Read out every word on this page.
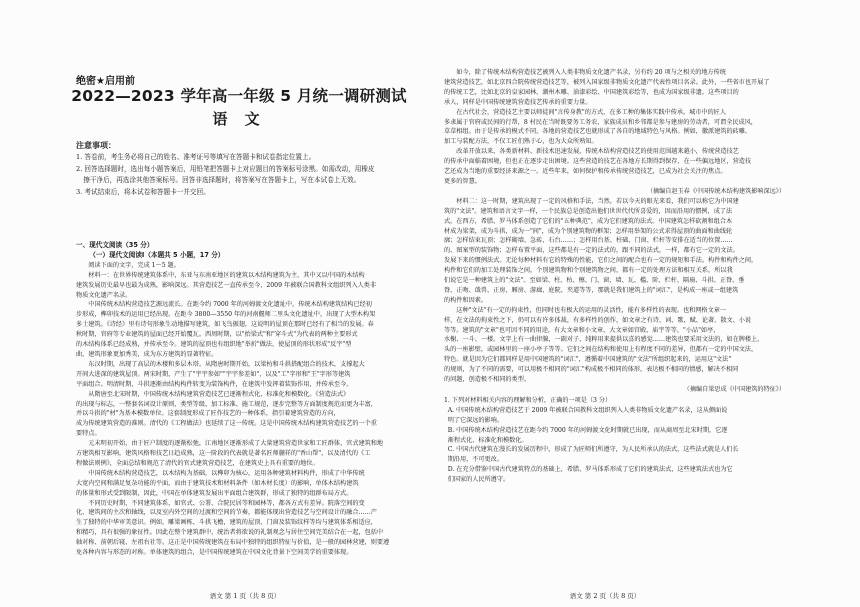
绝密★启用前
2022—2023 学年高一年级 5 月统一调研测试
语 文
注意事项：
1. 答卷前，考生务必将自己的姓名、准考证号等填写在答题卡和试卷指定位置上。
2. 回答选择题时，选出每小题答案后，用铅笔把答题卡上对应题目的答案标号涂黑。如需改动，用橡皮
擦干净后，再选涂其他答案标号。回答非选择题时，将答案写在答题卡上，写在本试卷上无效。
3. 考试结束后，将本试卷和答题卡一并交回。
一、现代文阅读（35 分）
（一）现代文阅读Ⅰ（本题共 5 小题，17 分）
阅读下面的文字，完成 1～5 题。
材料一：在世界传统建筑体系中，东亚与东南亚地区的建筑以木结构建筑为主，其中又以中国的木结构
建筑发展历史最早也最为成熟，影响深远。其营造技艺一直传承至今，2009 年被联合国教科文组织列入人类非
物质文化遗产名录。
中国传统木结构营造技艺源远流长。在距今约 7000 年的河姆渡文化遗址中，传统木结构建筑结构已经初
步形成，榫卯技术的运用已经出现。在距今 3800—3550 年的河南偃师二里头文化遗址中，出现了大型木构架
多土建筑。《诗经》里有诗句形象生动地描写建筑，如飞鸟振翅，这说明的屋顶在那时已经有了相当的发展。春
秋时期，官府等专业建筑的屋面已经开始覆瓦。西周时期，以"抬梁式"和"穿斗式"为代表的两种主要形式
的木结构体系已经成熟，并传承至今。建筑的屋顶也有组织地"举折"做法，使屋顶的形状形成"反宇"型
曲，建筑形象更加秀美，成为东方建筑的显著特征。
东汉时期，出现了高层的木楼和多层木塔。从隋唐时期开始，以梁枋和斗拱搭配组合的技术，支撑起大
开间大进深的建筑屋顶。两宋时期，产生了"宇宇参如""宇宇参差如"，以及"工"字形和"王"字形等建筑
平面组合。明清时期，斗拱逐渐由结构构件转变为装饰构件，在建筑中发挥着装饰作用，并传承至今。
从隋唐至北宋时期，中国传统木结构建筑营造技艺已逐渐程式化、标准化和模数化。《营造法式》
的出现与标志，一整套名词设计原则、类型等级、加工标准、施工规范，逐步完整等方面制度规范而更为丰富，
并以斗拱的"材"为基本模数单位。这套制度形成了匠作技艺的一种体系，指引着建筑营造的方向，
成为传统建筑营造的准则。清代的《工程做法》也延续了这一传统。这是中国传统木结构建筑营造技艺的一个重
要特点。
元末明初开始，由于匠户制度的逐渐松弛，江南地区逐渐形成了大量建筑营造世家和工匠群体，官式建筑和地
方建筑相互影响，建筑风格和技艺日趋成熟，这一阶段的代表就是著名匠师蒯祥的"香山帮"，以及清代的《工
程做法则例》，全面总结和规范了清代的官式建筑营造技艺，在建筑史上具有重要的地位。
中国传统木结构营造技艺，以木结构为基础，以榫卯为核心，运用各种建筑材料构件，形成了中华传统
大宽内空间和满足复杂功能的平面，而由于建筑技术和材料条件（如木材长度）的影响，单体木结构建筑
的体量和形式受到限制，因此，中国在单体建筑发展出平面组合建筑群，形成了独特的组群布局方式。
不同历史时期，不同建筑体系，如官式、公署、合院民居等和园林等，都各方式有差异。院落空间的变
化、建筑间的主次和轴线，以及室内外空间的过渡和空间的节奏，都能体现出营造技艺与空间设计的融合……产
生了独特的中华审美意识。例如，雕梁画栋、斗拱飞檐，建筑的屋顶、门窗及装饰纹样等均与建筑体系相适应，
和精巧，具有很强的象征性。因此在整个建筑群中，统治者将欲说的礼制观念与居住空间完美结合在一起，包括中
轴对称、前朝后寝、左祖右社等。这正是中国传统建筑在布局中独特的组织特征与价值，是一般的园林营建，则要遵
免各种内容与形态的对称。单体建筑的组合，是中国传统建筑在中国文化背景下空间美学的重要体现。
语文 第 1 页（共 8 页）
如今，除了传统木结构营造技艺被列入人类非物质文化遗产名录，另有约 20 项与之相关的地方传统
建筑营造技艺，如北京四合院传统营造技艺等，被列入国家级非物质文化遗产代表性项目名录。此外，一些省市也开展了
的传统工艺，比如北京的皇家园林、潮州木雕、油漆彩绘、中国建筑彩绘等，也成为国家级非遗。这些项目的
承人，同样是中国传统建筑营造技艺传承的重要力量。
在古代社会，营造技艺主要以师徒间"言传身教"的方式，在多工种的集体实践中传承。城市中的匠人
多隶属于官府或民间的行帮，8 村民在当时既要务工务农，家族成员和乡邻都是参与建房的劳动者，可谓全民成风，
草草相组。由于是传承的模式不同，各地的营造技艺也就形成了各自的地域特色与风格。例如，徽派建筑的砖雕、
加工与装配方法，不仅工匠们熟于心，也为大众所熟知。
改革开放以来，各类新材料、新技术迅速发展，传统木结构营造技艺的使用范围越来越小，传统营造技艺
的传承中面临着困境，但也正在逐步走出困境。这些营造的技艺在各地方长期得到保存，在一些偏远地区，营造技
艺还成为当地的重要经济来源之一。近些年来，如何保护和传承传统营造技艺，已成为社会关注的焦点。
更多的智慧。
（摘编自赵玉春《中国传统木结构建筑影响深远》）
材料二：这一时期，建筑出现了一定的风格和手法，当然，若以今天的眼光来看，我们可以称它为中国建
筑的"文法"。建筑和语言文字一样，一个民族总是创造出他们世世代代所喜爱的，因而沿用的惯例，成了法
式。在西方，希腊、罗马体系创造了它们的"五种典范"，成为它们建筑的法式。中国建筑怎样砍割和组合木
材成为梁架，成为斗拱，成为一"间"，成为个别建筑物的框架；怎样用举架的公式求得屋顶的曲面和曲线轮
廓；怎样结束瓦顶；怎样砌墙、急砖、石台……；怎样用台基、柱础、门窗、栏杆等安排在适当的位置……
的、图案型的装饰物；怎样布置平面，这些都是有一定的法式的，跟不同的法式，一样，都有它一定的文法。
发展下来的惯例法式。无论每种材料有它的特殊的性能，它们之间的配合也有一定的规矩和手法。构件和构件之间，
构件和它们的加工处理装饰之间，个别建筑物和个别建筑物之间，都有一定的处理方法和相互关系，所以我
们说它是一种建筑上的"文法"。至如梁、柱、枋、檩、门、窗、墙、瓦、槛、阶、栏杆、隔扇、斗拱、正脊、垂
脊、正吻、戗兽、正房、厢房、游廊、庭院、夹道等等，那就是我们建筑上的"词汇"，是构成一座或一组建筑
的构件和因素。
这种"文法"有一定的拘束性，但同时也有极大的运用的灵活性，能有多样性的表现。也和网格文章一
样，在文法的拘束性之下，仍可以有许多体裁，有多样性的创作，如文章之有诗、词、歌、赋、论著、散文、小说
等等。建筑的"文章"也可因不同的用途，有大文章和小文章，大文章如宫殿、庙宇等等，"小品"如亭、
水榭、一斗、一楼。文字上有一曲律腺，一副对子，纯粹用来提供以喜的感觉……建筑也要采用文法的，如在牌楼上，
头的一座影壁，或园林里的一座小亭子等等。它们之间在结构和使用上有程度不同的差异，但都有一定的中国文法，
特色。就是因为它们都同样是用中国建筑的"词汇"，遵循着中国建筑的"文法"所组织起来的，运用这"文法"
的规则，为了不同的需要，可以用极不相同的"词汇"构成极不相同的体形，表达极不相同的情感，解决不相同
的问题，创造极不相同的类型。
（摘编自梁思成《中国建筑的特征》）
1. 下列对材料相关内容的理解和分析，正确的一项是（3 分）
A. 中国传统木结构营造技艺于 2009 年被联合国教科文组织列入人类非物质文化遗产名录，这从侧面说
明了它深远的影响。
B. 中国传统木结构营造技艺在距今约 7000 年的河姆渡文化时期就已出现，而从商周至北宋时期，它逐
渐程式化、标准化和模数化。
C. 中国古代建筑在漫长的发展历程中，形成了为匠师们所遵守，为人民所承认的法式，这些法式就是人们长
期沿用，不可更改。
D. 在充分借鉴中国古代建筑特点的基础上，希腊、罗马体系形成了它们的建筑法式，这些建筑法式也为它
们国家的人民所遵守。
语文 第 2 页（共 8 页）
